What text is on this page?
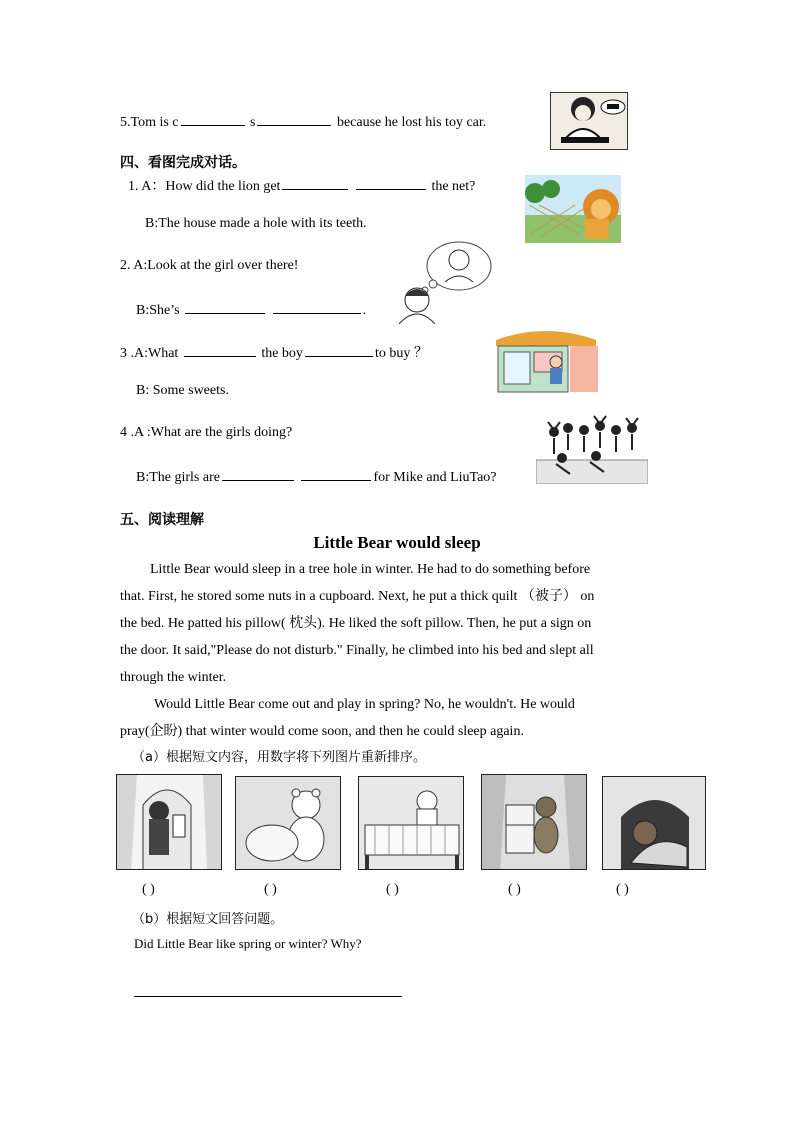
5.Tom is c	s	because he lost his toy car.
四、看图完成对话。
1. A：How did the lion get	the net?
B:The house made a hole with its teeth.
2. A:Look at the girl over there!
B:She’s	.
3 .A:What	the boy	to buy ？
B: Some sweets.
4 .A :What are the girls doing?
B:The girls are	for Mike and LiuTao?
五、阅读理解
Little Bear would sleep
Little Bear would sleep in a tree hole in winter. He had to do something before
that. First, he stored some nuts in a cupboard. Next, he put a thick quilt （被子） on
the bed. He patted his pillow( 枕头). He liked the soft pillow. Then, he put a sign on
the door. It said,"Please do not disturb." Finally, he climbed into his bed and slept all
through the winter.
Would Little Bear come out and play in spring? No, he wouldn't. He would
pray(企盼) that winter would come soon, and then he could sleep again.
（a）根据短文内容，用数字将下列图片重新排序。
( )	( )	( )	( )	( )
（b）根据短文回答问题。
Did Little Bear like spring or winter? Why?
